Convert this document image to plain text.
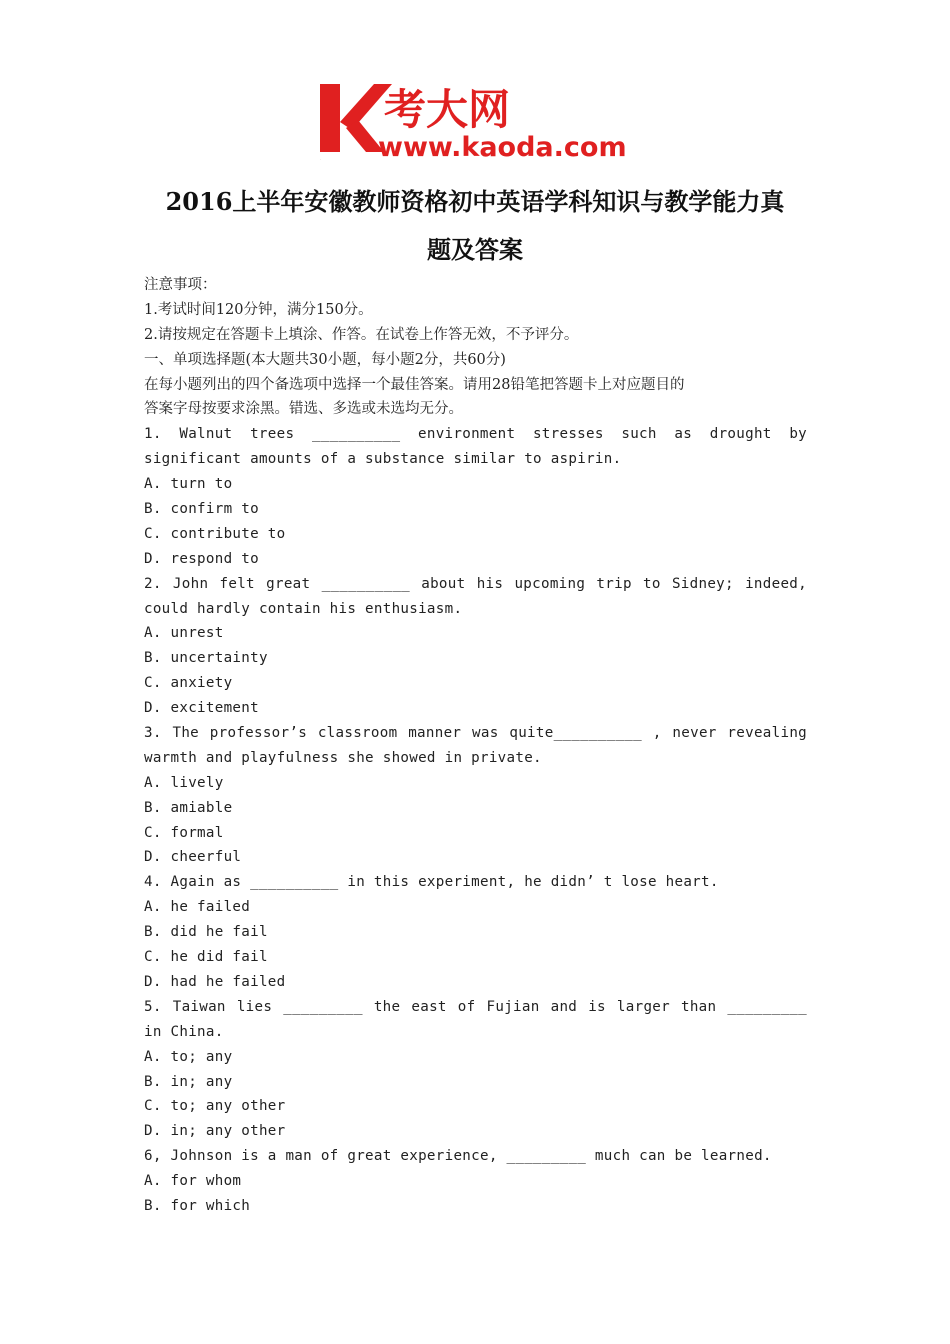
K
考大网
www.kaoda.com
2016上半年安徽教师资格初中英语学科知识与教学能力真
题及答案
注意事项：
1.考试时间120分钟，满分150分。
2.请按规定在答题卡上填涂、作答。在试卷上作答无效，不予评分。
一、单项选择题(本大题共30小题，每小题2分，共60分)
在每小题列出的四个备选项中选择一个最佳答案。请用28铅笔把答题卡上对应题目的
答案字母按要求涂黑。错选、多选或未选均无分。
1. Walnut trees __________ environment stresses such as drought by
significant amounts of a substance similar to aspirin.
A. turn to
B. confirm to
C. contribute to
D. respond to
2. John felt great __________ about his upcoming trip to Sidney; indeed,
could hardly contain his enthusiasm.
A. unrest
B. uncertainty
C. anxiety
D. excitement
3. The professor’s classroom manner was quite__________ , never revealing
warmth and playfulness she showed in private.
A. lively
B. amiable
C. formal
D. cheerful
4. Again as __________ in this experiment, he didn’ t lose heart.
A. he failed
B. did he fail
C. he did fail
D. had he failed
5. Taiwan lies _________ the east of Fujian and is larger than _________
in China.
A. to; any
B. in; any
C. to; any other
D. in; any other
6, Johnson is a man of great experience, _________ much can be learned.
A. for whom
B. for which
